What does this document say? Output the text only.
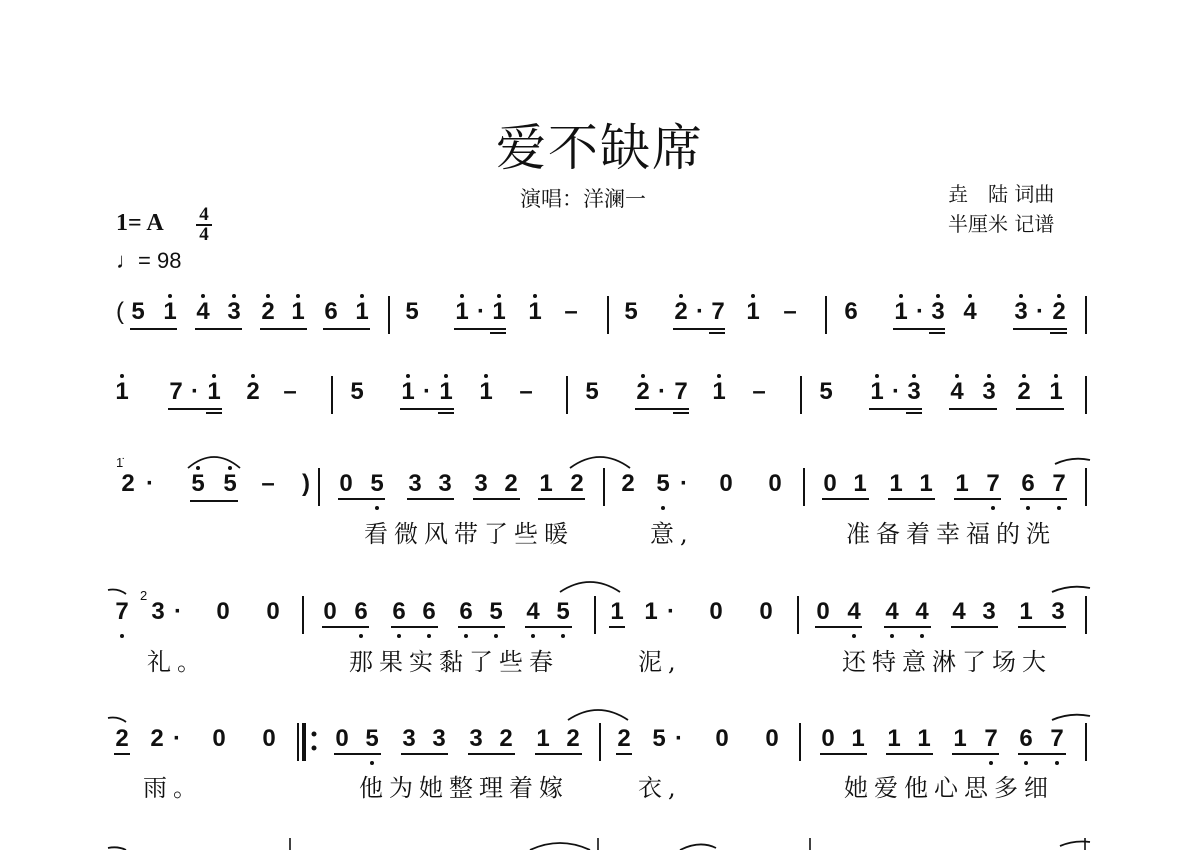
爱不缺席
演唱：洋澜一	垚　陆 词曲
半厘米 记谱
1= A 4
4
♩= 98
( 5 1 4 3 2 1 6 1 5 1 · 1 1 – 5 2 · 7 1 – 6 1 · 3 4 3 · 2
1 7 · 1 2 – 5 1 · 1 1 – 5 2 · 7 1 – 5 1 · 3 4 3 2 1
2 · 5 5 – ) 0 5 3 3 3 2 1 2 2 5 · 0 0 0 1 1 1 1 7 6 7
7 3 · 0 0 0 6 6 6 6 5 4 5 1 1 · 0 0 0 4 4 4 4 3 1 3
2 2 · 0 0 0 5 3 3 3 2 1 2 2 5 · 0 0 0 1 1 1 1 7 6 7
看微风带了些暖	意,	准备着幸福的洗
礼。	那果实黏了些春	泥,	还特意淋了场大
雨。	他为她整理着嫁	衣,	她爱他心思多细
1̇
2
